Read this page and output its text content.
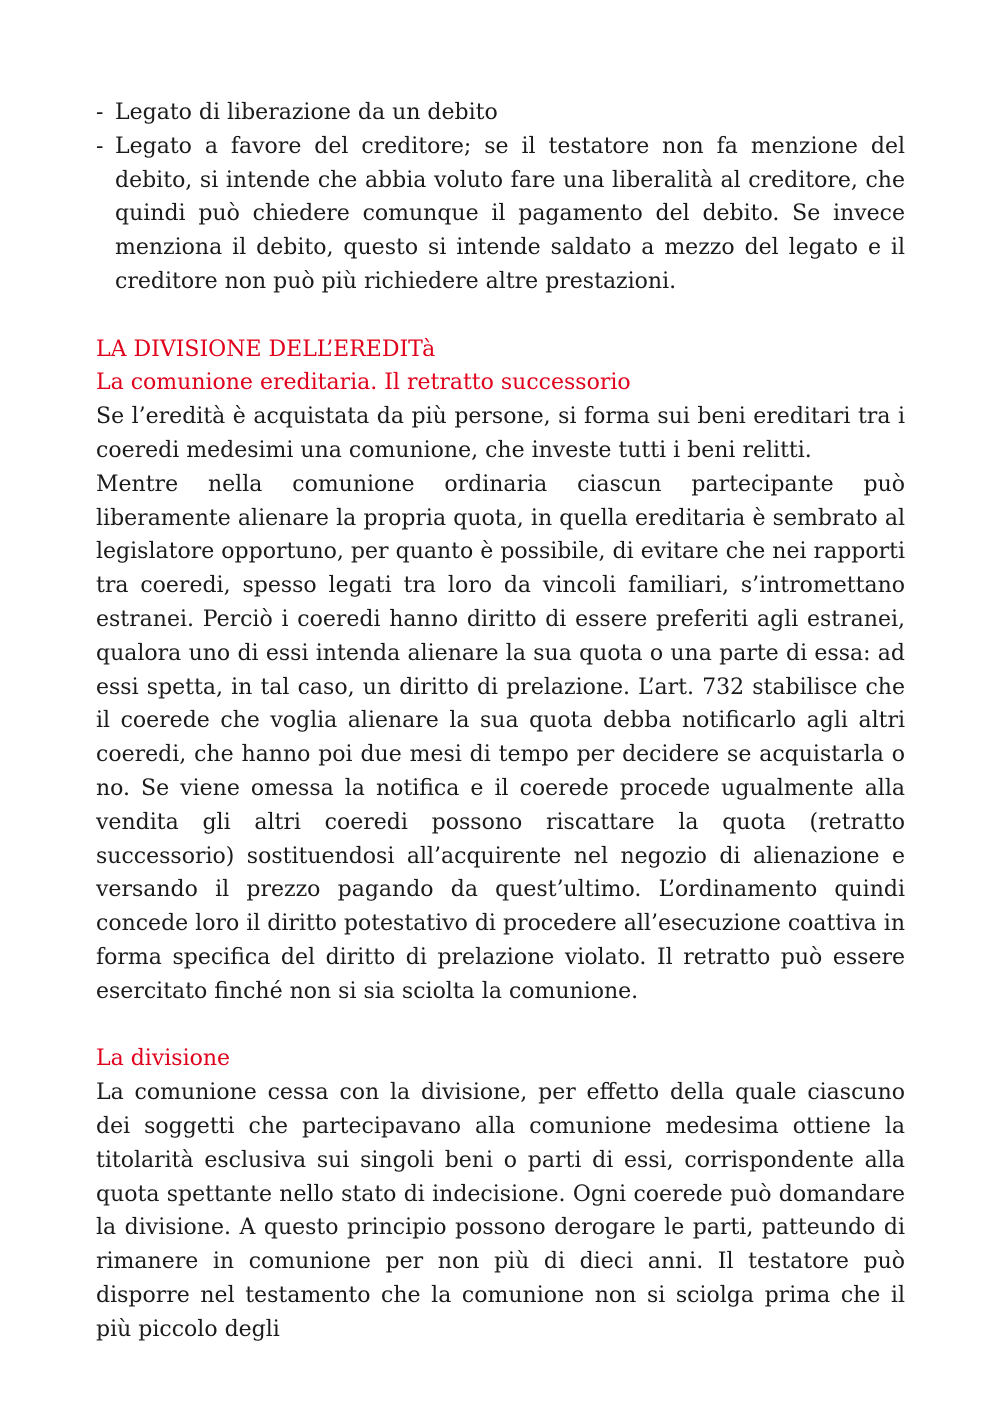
- Legato di liberazione da un debito
- Legato a favore del creditore; se il testatore non fa menzione del debito, si intende che abbia voluto fare una liberalità al creditore, che quindi può chiedere comunque il pagamento del debito. Se invece menziona il debito, questo si intende saldato a mezzo del legato e il creditore non può più richiedere altre prestazioni.
LA DIVISIONE DELL’EREDITà
La comunione ereditaria. Il retratto successorio

Se l’eredità è acquistata da più persone, si forma sui beni ereditari tra i coeredi medesimi una comunione, che investe tutti i beni relitti.

Mentre nella comunione ordinaria ciascun partecipante può liberamente alienare la propria quota, in quella ereditaria è sembrato al legislatore opportuno, per quanto è possibile, di evitare che nei rapporti tra coeredi, spesso legati tra loro da vincoli familiari, s’intromettano estranei. Perciò i coeredi hanno diritto di essere preferiti agli estranei, qualora uno di essi intenda alienare la sua quota o una parte di essa: ad essi spetta, in tal caso, un diritto di prelazione. L’art. 732 stabilisce che il coerede che voglia alienare la sua quota debba notificarlo agli altri coeredi, che hanno poi due mesi di tempo per decidere se acquistarla o no. Se viene omessa la notifica e il coerede procede ugualmente alla vendita gli altri coeredi possono riscattare la quota (retratto successorio) sostituendosi all’acquirente nel negozio di alienazione e versando il prezzo pagando da quest’ultimo. L’ordinamento quindi concede loro il diritto potestativo di procedere all’esecuzione coattiva in forma specifica del diritto di prelazione violato. Il retratto può essere esercitato finché non si sia sciolta la comunione.

La divisione

La comunione cessa con la divisione, per effetto della quale ciascuno dei soggetti che partecipavano alla comunione medesima ottiene la titolarità esclusiva sui singoli beni o parti di essi, corrispondente alla quota spettante nello stato di indecisione. Ogni coerede può domandare la divisione. A questo principio possono derogare le parti, patteundo di rimanere in comunione per non più di dieci anni. Il testatore può disporre nel testamento che la comunione non si sciolga prima che il più piccolo degli
